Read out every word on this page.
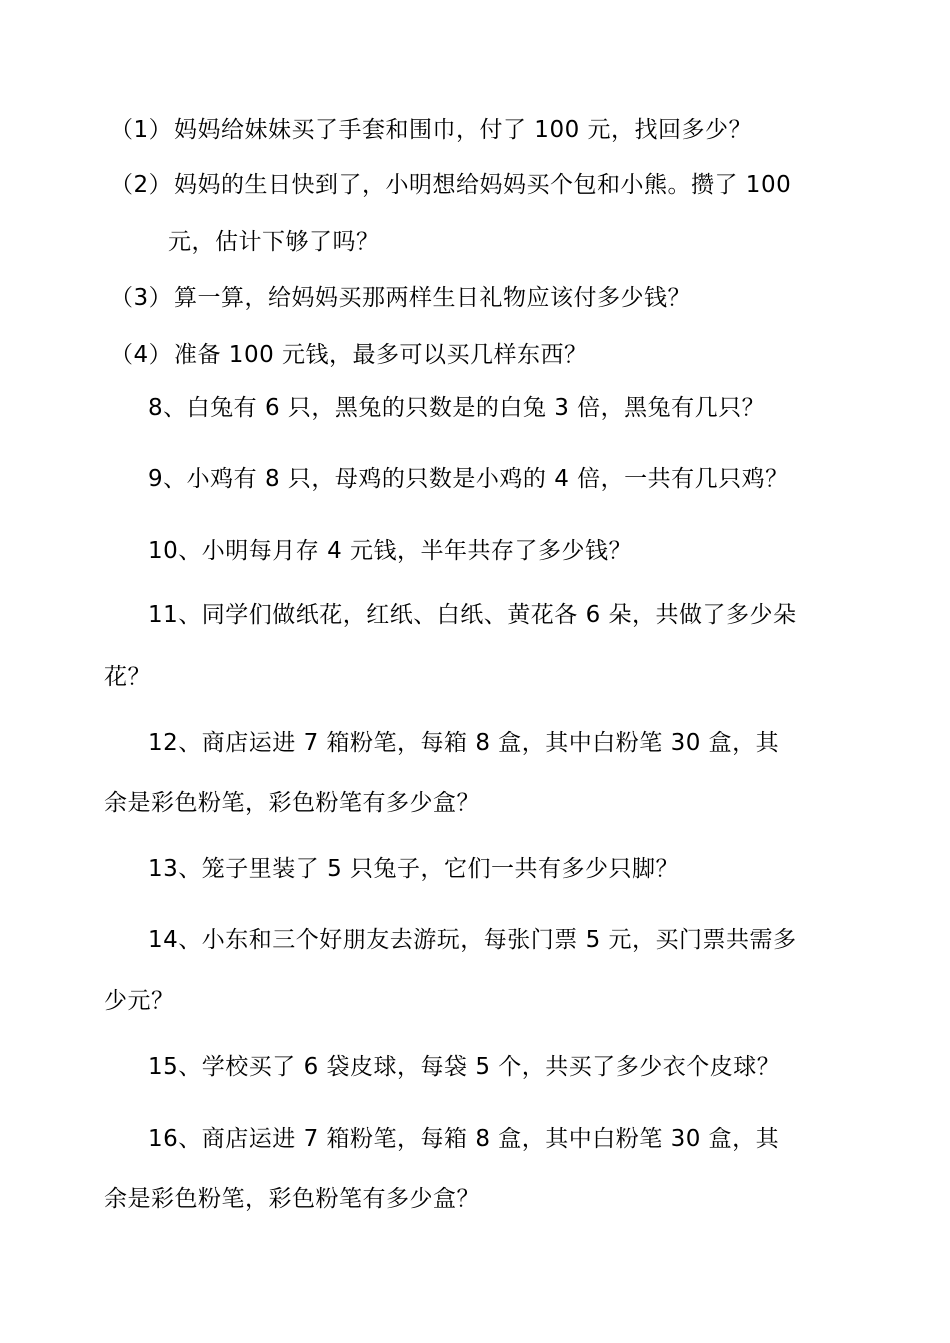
（1）妈妈给妹妹买了手套和围巾，付了 100 元，找回多少？
（2）妈妈的生日快到了，小明想给妈妈买个包和小熊。攒了 100
元，估计下够了吗？
（3）算一算，给妈妈买那两样生日礼物应该付多少钱？
（4）准备 100 元钱，最多可以买几样东西？
8、白兔有 6 只，黑兔的只数是的白兔 3 倍，黑兔有几只？
9、小鸡有 8 只，母鸡的只数是小鸡的 4 倍，一共有几只鸡？
10、小明每月存 4 元钱，半年共存了多少钱？
11、同学们做纸花，红纸、白纸、黄花各 6 朵，共做了多少朵
花？
12、商店运进 7 箱粉笔，每箱 8 盒，其中白粉笔 30 盒，其
余是彩色粉笔，彩色粉笔有多少盒？
13、笼子里装了 5 只兔子，它们一共有多少只脚？
14、小东和三个好朋友去游玩，每张门票 5 元，买门票共需多
少元？
15、学校买了 6 袋皮球，每袋 5 个，共买了多少衣个皮球？
16、商店运进 7 箱粉笔，每箱 8 盒，其中白粉笔 30 盒，其
余是彩色粉笔，彩色粉笔有多少盒？
